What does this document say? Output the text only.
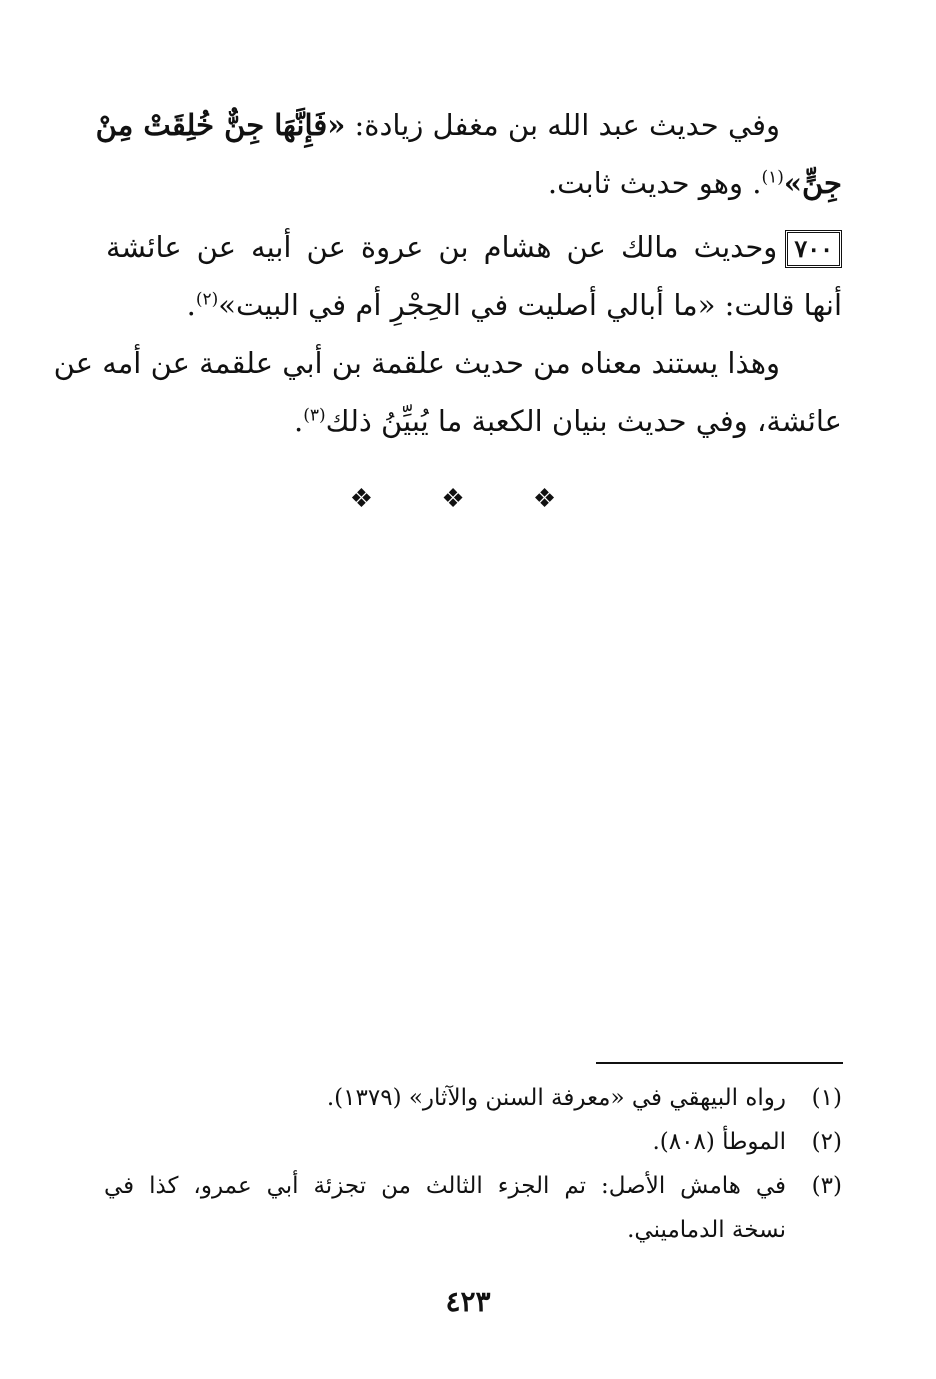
وفي حديث عبد الله بن مغفل زيادة: «فَإِنَّهَا جِنٌّ خُلِقَتْ مِنْ
جِنٍّ»$^{(١)}$. وهو حديث ثابت.
٧٠٠وحديث مالك عن هشام بن عروة عن أبيه عن عائشة
أنها قالت: «ما أبالي أصليت في الحِجْرِ أم في البيت»$^{(٢)}$.
وهذا يستند معناه من حديث علقمة بن أبي علقمة عن أمه عن
عائشة، وفي حديث بنيان الكعبة ما يُبيِّنُ ذلك$^{(٣)}$.
❖ ❖ ❖
(١)
رواه البيهقي في «معرفة السنن والآثار» (١٣٧٩).
(٢)
الموطأ (٨٠٨).
(٣)
في هامش الأصل: تم الجزء الثالث من تجزئة أبي عمرو، كذا في
نسخة الدماميني.
٤٢٣
